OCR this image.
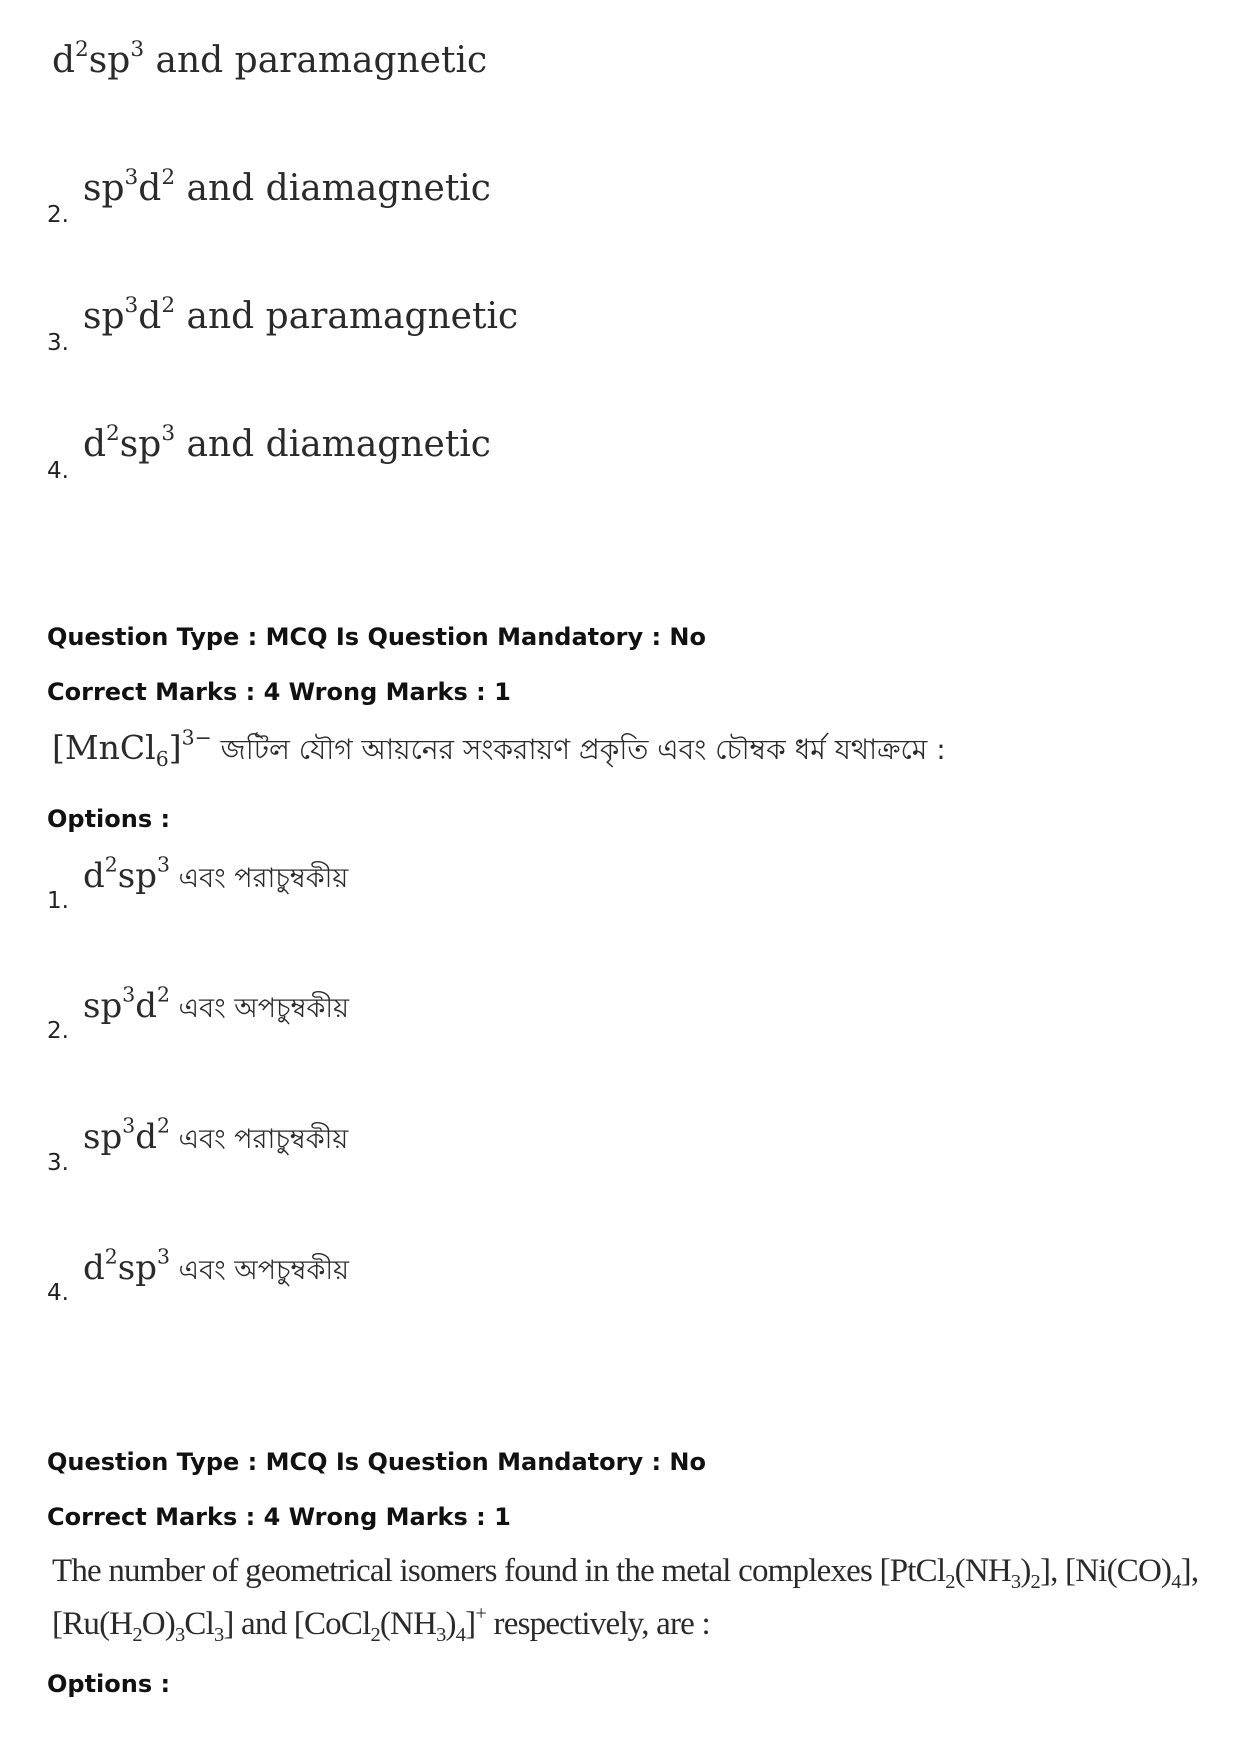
$d^2sp^3$ and paramagnetic
2.
$sp^3d^2$ and diamagnetic
3.
$sp^3d^2$ and paramagnetic
4.
$d^2sp^3$ and diamagnetic
Question Type : MCQ Is Question Mandatory : No
Correct Marks : 4 Wrong Marks : 1
[MnCl$_6$]$^{3-}$ জটিল যৌগ আয়নের সংকরায়ণ প্রকৃতি এবং চৌম্বক ধর্ম যথাক্রমে :
Options :
1.
$d^2sp^3$ এবং পরাচুম্বকীয়
2.
$sp^3d^2$ এবং অপচুম্বকীয়
3.
$sp^3d^2$ এবং পরাচুম্বকীয়
4.
$d^2sp^3$ এবং অপচুম্বকীয়
Question Type : MCQ Is Question Mandatory : No
Correct Marks : 4 Wrong Marks : 1
The number of geometrical isomers found in the metal complexes $[PtCl_2(NH_3)_2]$, $[Ni(CO)_4]$,
$[Ru(H_2O)_3Cl_3]$ and $[CoCl_2(NH_3)_4]^+$ respectively, are :
Options :
